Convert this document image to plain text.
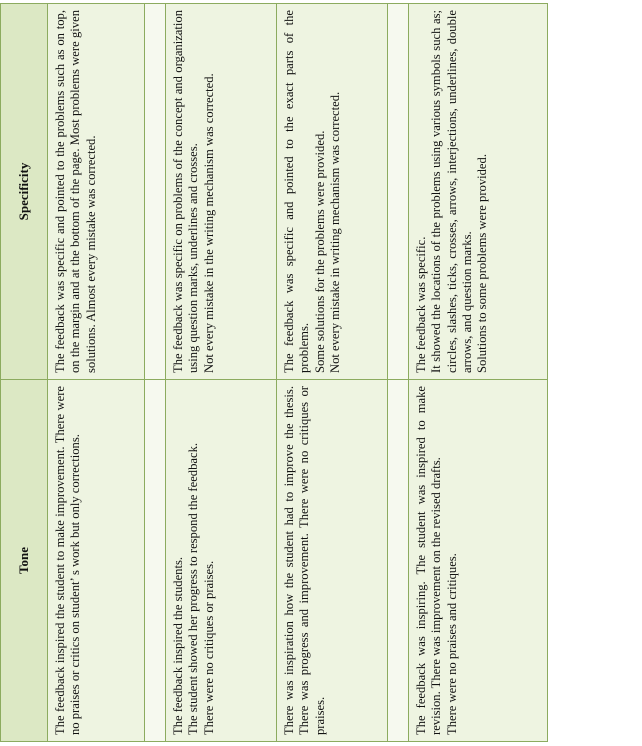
Tone	Specificity

The feedback inspired the student to make improvement. There were no praises or critics on student’ s work but only corrections.	The feedback was specific and pointed to the problems such as on top, on the margin and at the bottom of the page. Most problems were given solutions. Almost every mistake was corrected.

The feedback inspired the students. The student showed her progress to respond the feedback. There were no critiques or praises.	The feedback was specific on problems of the concept and organization using question marks, underlines and crosses. Not every mistake in the writing mechanism was corrected.

There was inspiration how the student had to improve the thesis. There was progress and improvement. There were no critiques or praises.	The feedback was specific and pointed to the exact parts of the problems. Some solutions for the problems were provided. Not every mistake in writing mechanism was corrected.

The feedback was inspiring. The student was inspired to make revision. There was improvement on the revised drafts. There were no praises and critiques.	The feedback was specific. It showed the locations of the problems using various symbols such as; circles, slashes, ticks, crosses, arrows, interjections, underlines, double arrows, and question marks. Solutions to some problems were provided.
